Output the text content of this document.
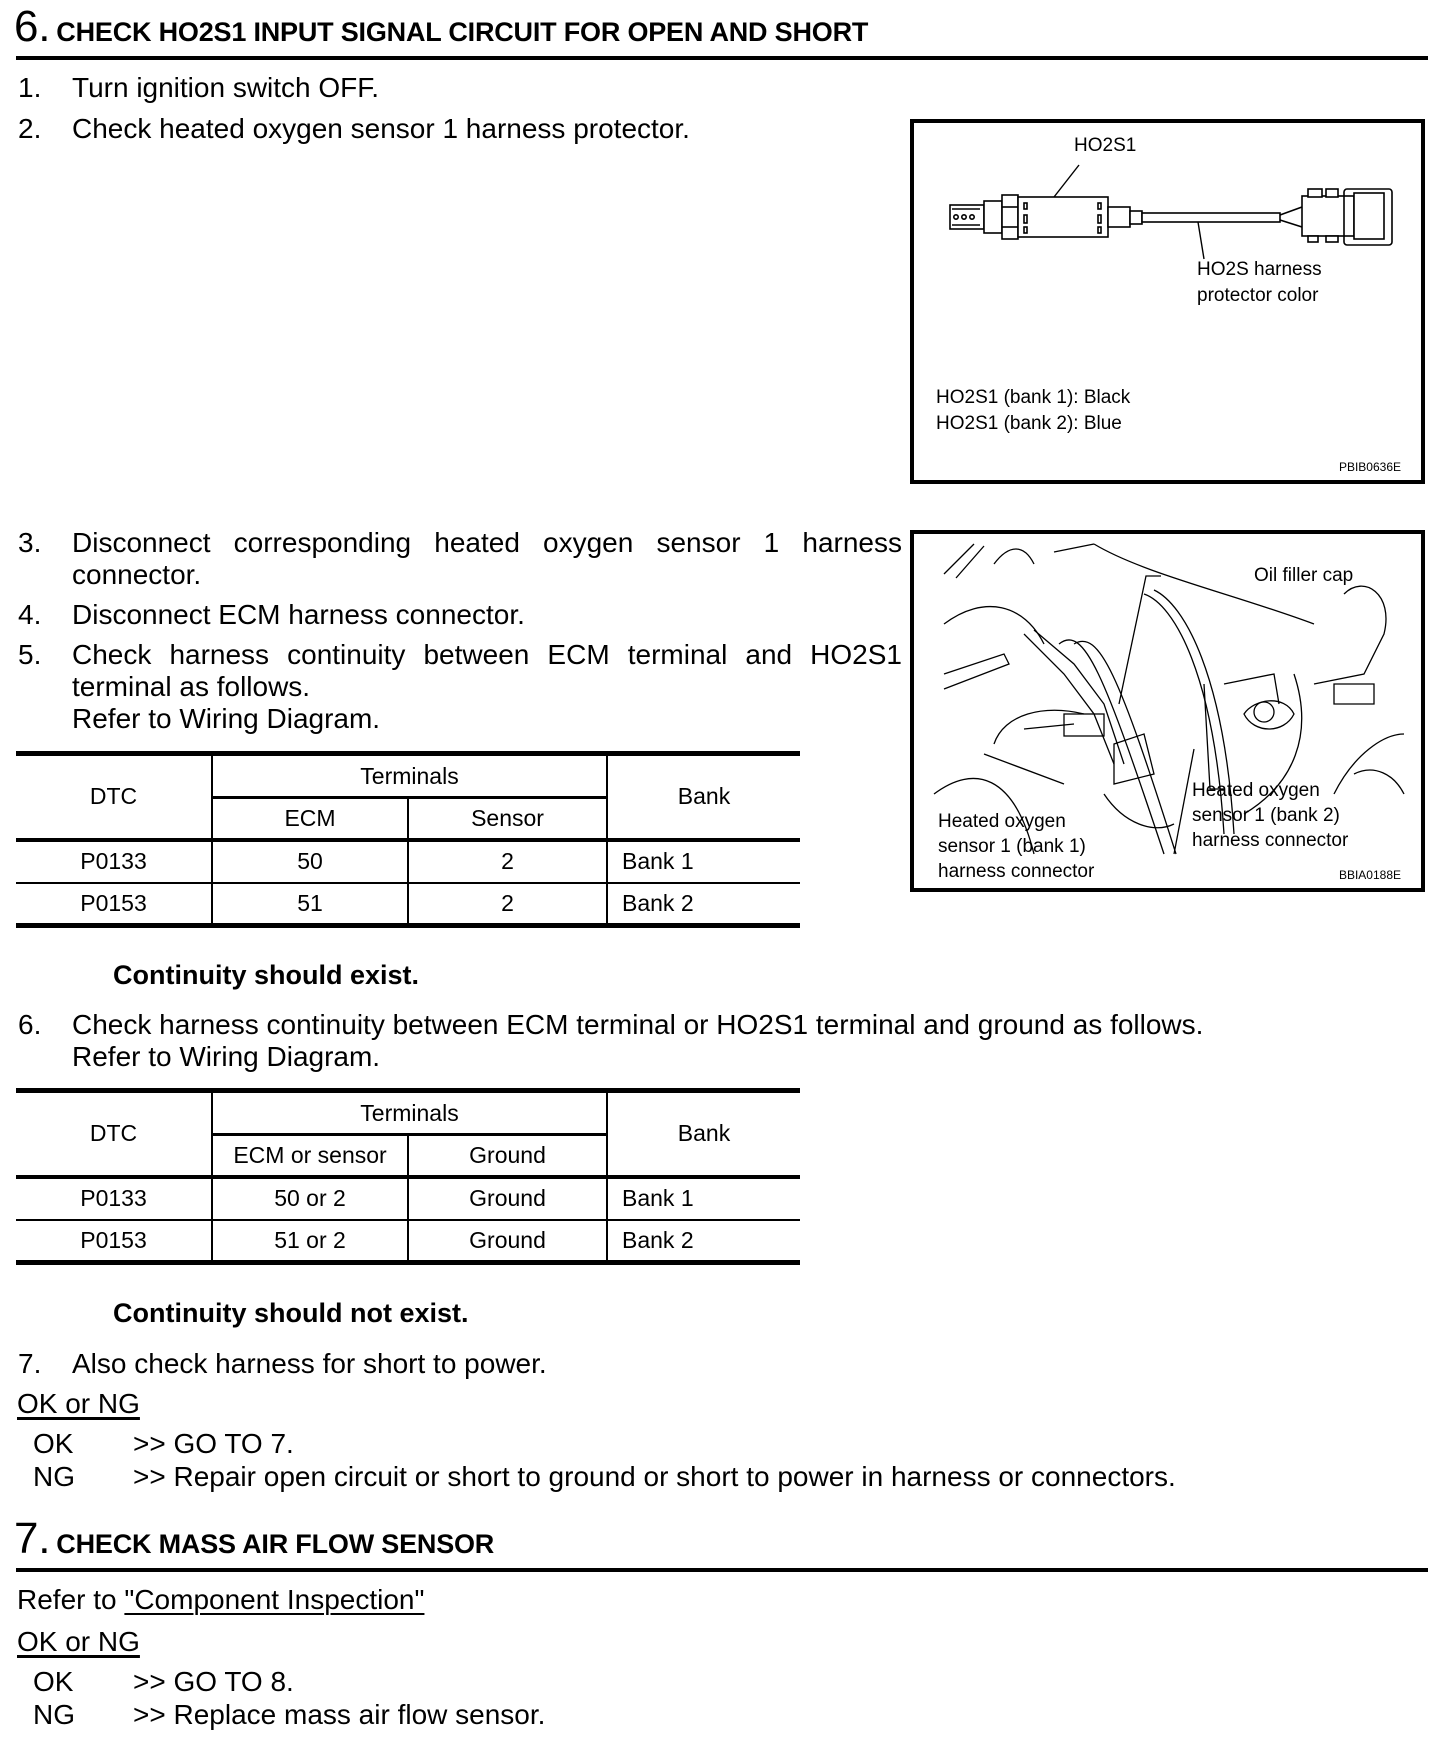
6. CHECK HO2S1 INPUT SIGNAL CIRCUIT FOR OPEN AND SHORT
1. Turn ignition switch OFF.
2. Check heated oxygen sensor 1 harness protector.
HO2S1
HO2S harness
protector color
HO2S1 (bank 1): Black
HO2S1 (bank 2): Blue
PBIB0636E
3. Disconnect corresponding heated oxygen sensor 1 harness
connector.
4. Disconnect ECM harness connector.
5. Check harness continuity between ECM terminal and HO2S1
terminal as follows.
Refer to Wiring Diagram.
Oil filler cap
Heated oxygen
sensor 1 (bank 2)
harness connector
Heated oxygen
sensor 1 (bank 1)
harness connector	BBIA0188E
DTC	Terminals		Bank
	ECM	Sensor	
P0133	50	2	Bank 1
P0153	51	2	Bank 2
Continuity should exist.
6. Check harness continuity between ECM terminal or HO2S1 terminal and ground as follows.
Refer to Wiring Diagram.
DTC	Terminals		Bank
	ECM or sensor	Ground	
P0133	50 or 2	Ground	Bank 1
P0153	51 or 2	Ground	Bank 2
Continuity should not exist.
7. Also check harness for short to power.
OK or NG
OK >> GO TO 7.
NG >> Repair open circuit or short to ground or short to power in harness or connectors.
7. CHECK MASS AIR FLOW SENSOR
Refer to "Component Inspection"
OK or NG
OK >> GO TO 8.
NG >> Replace mass air flow sensor.
